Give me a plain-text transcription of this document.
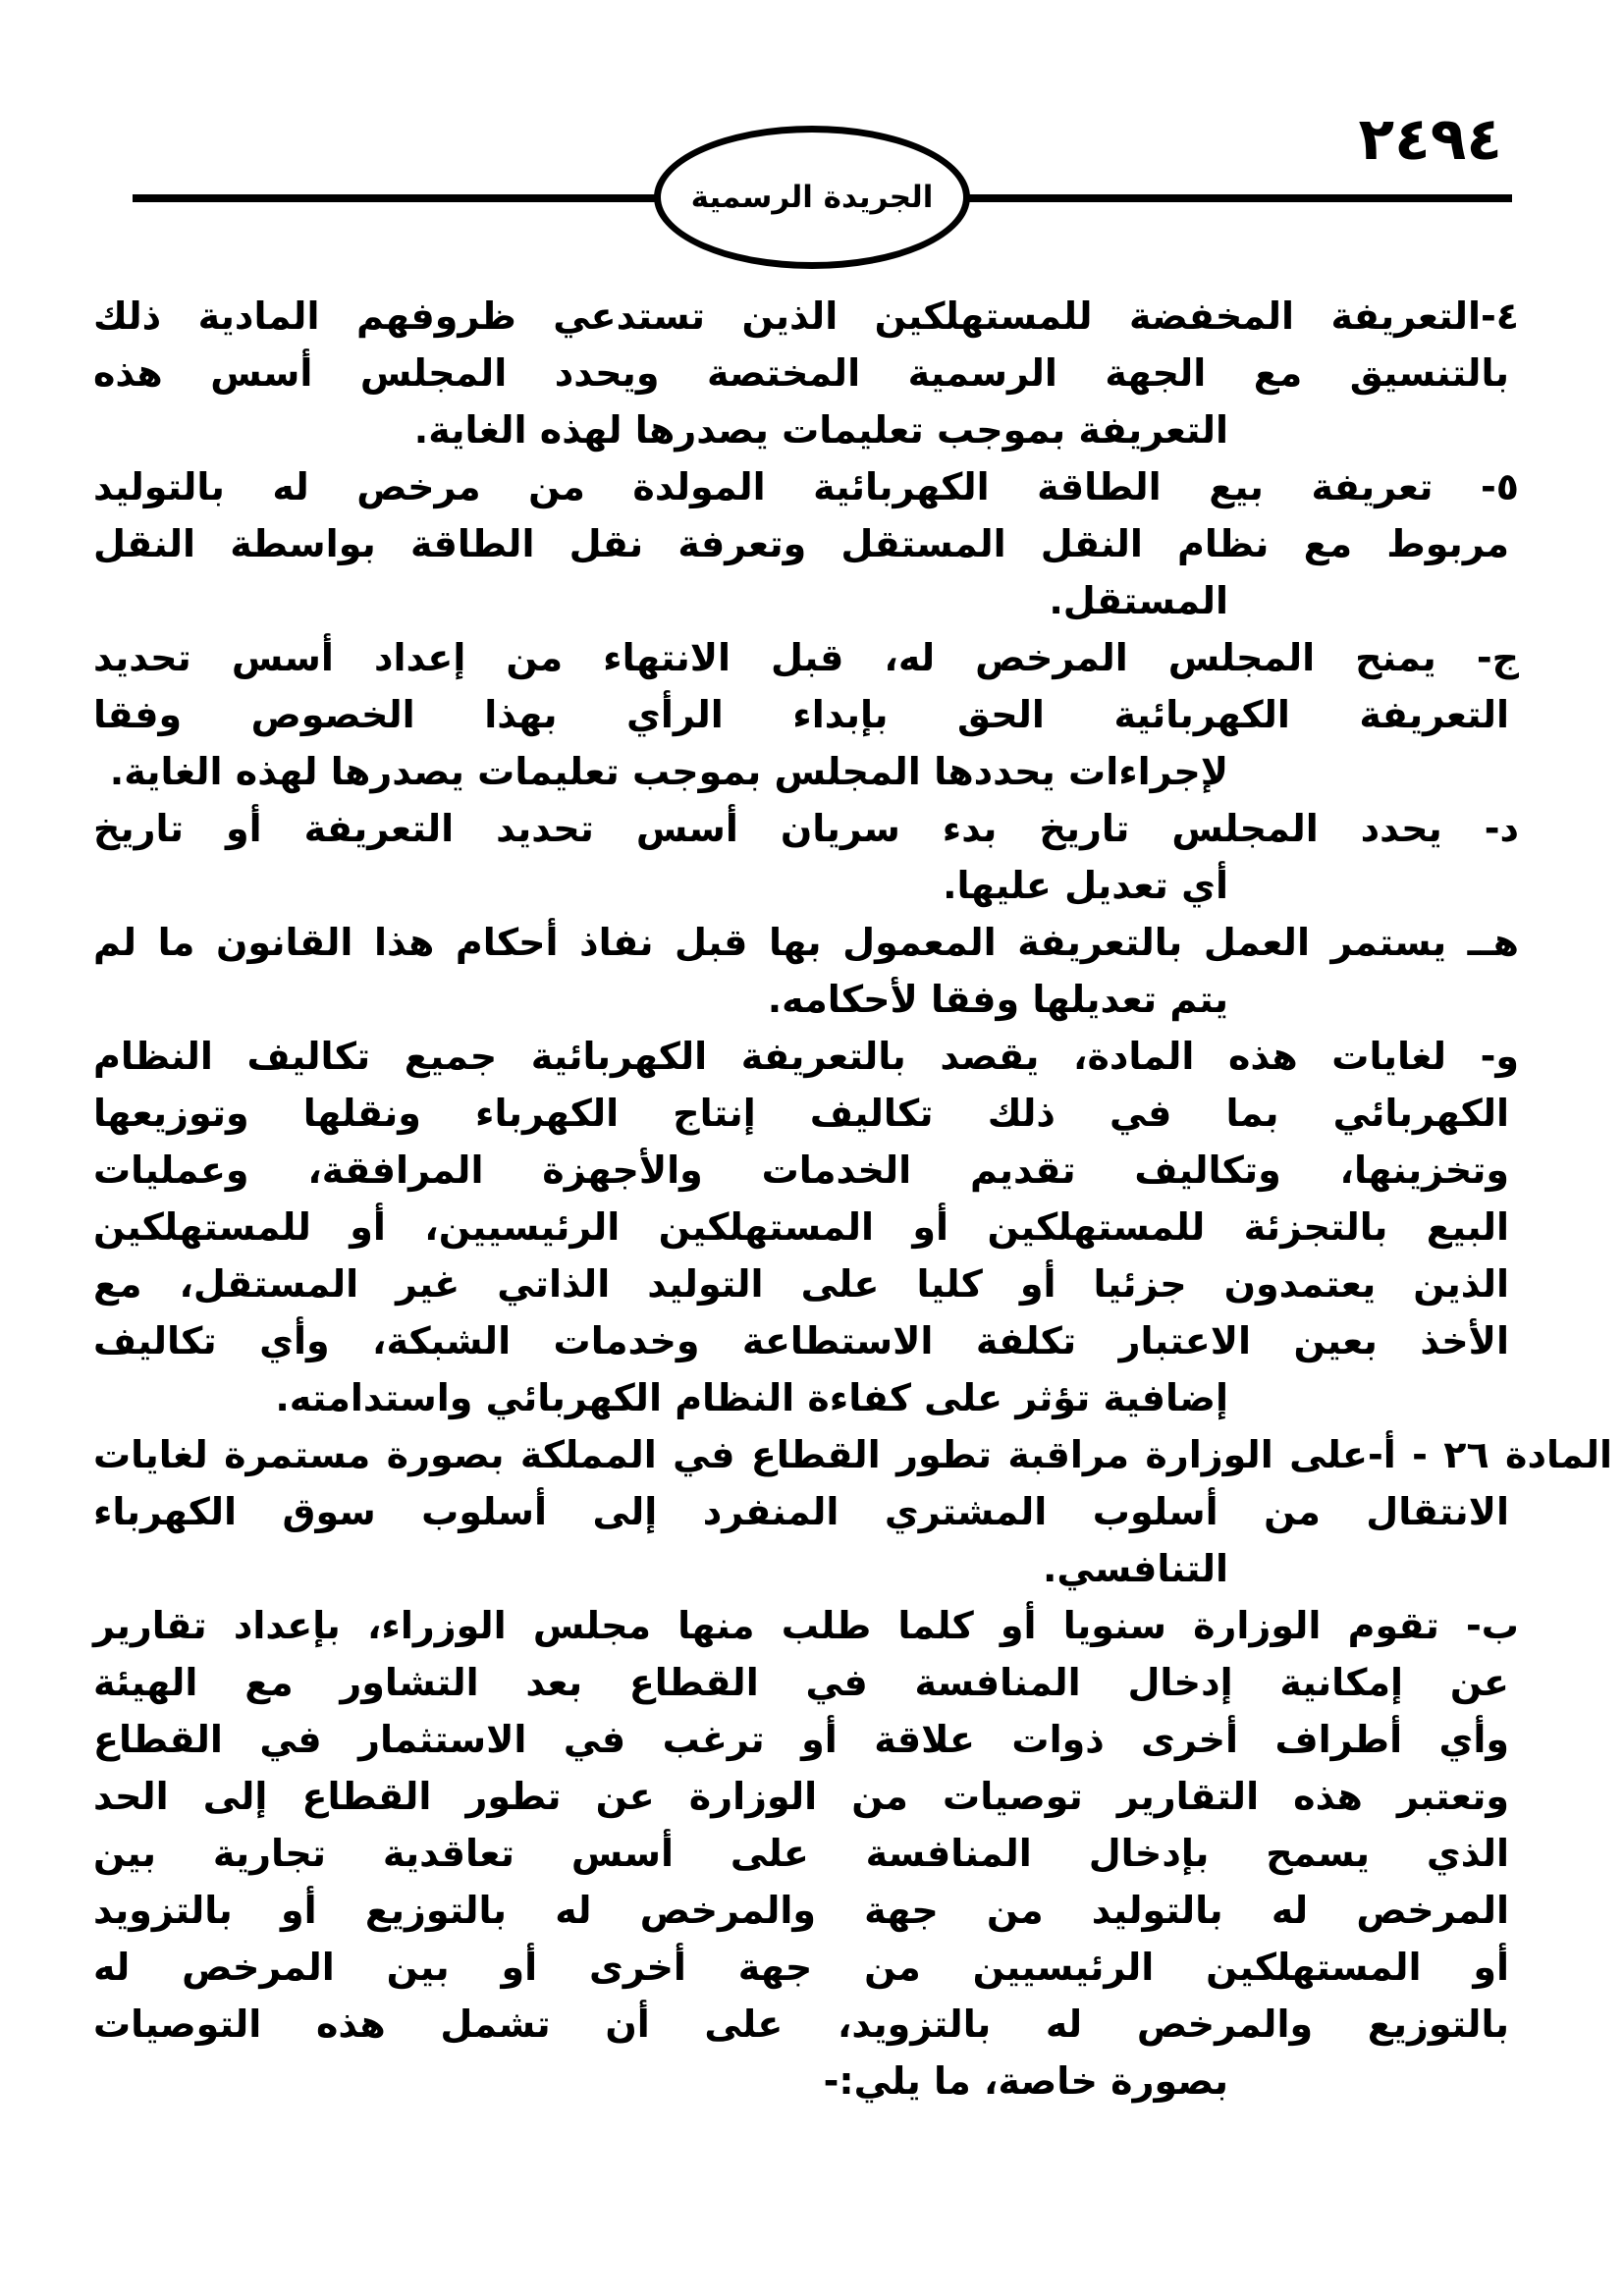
٢٤٩٤
الجريدة الرسمية
٤-التعريفة المخفضة للمستهلكين الذين تستدعي ظروفهم المادية ذلك
بالتنسيق مع الجهة الرسمية المختصة ويحدد المجلس أسس هذه
التعريفة بموجب تعليمات يصدرها لهذه الغاية.
٥- تعريفة بيع الطاقة الكهربائية المولدة من مرخص له بالتوليد
مربوط مع نظام النقل المستقل وتعرفة نقل الطاقة بواسطة النقل
المستقل.
ج- يمنح المجلس المرخص له، قبل الانتهاء من إعداد أسس تحديد
التعريفة الكهربائية الحق بإبداء الرأي بهذا الخصوص وفقا
لإجراءات يحددها المجلس بموجب تعليمات يصدرها لهذه الغاية.
د- يحدد المجلس تاريخ بدء سريان أسس تحديد التعريفة أو تاريخ
أي تعديل عليها.
هــ يستمر العمل بالتعريفة المعمول بها قبل نفاذ أحكام هذا القانون ما لم
يتم تعديلها وفقا لأحكامه.
و- لغايات هذه المادة، يقصد بالتعريفة الكهربائية جميع تكاليف النظام
الكهربائي بما في ذلك تكاليف إنتاج الكهرباء ونقلها وتوزيعها
وتخزينها، وتكاليف تقديم الخدمات والأجهزة المرافقة، وعمليات
البيع بالتجزئة للمستهلكين أو المستهلكين الرئيسيين، أو للمستهلكين
الذين يعتمدون جزئيا أو كليا على التوليد الذاتي غير المستقل، مع
الأخذ بعين الاعتبار تكلفة الاستطاعة وخدمات الشبكة، وأي تكاليف
إضافية تؤثر على كفاءة النظام الكهربائي واستدامته.
المادة ٢٦ - أ-على الوزارة مراقبة تطور القطاع في المملكة بصورة مستمرة لغايات
الانتقال من أسلوب المشتري المنفرد إلى أسلوب سوق الكهرباء
التنافسي.
ب- تقوم الوزارة سنويا أو كلما طلب منها مجلس الوزراء، بإعداد تقارير
عن إمكانية إدخال المنافسة في القطاع بعد التشاور مع الهيئة
وأي أطراف أخرى ذوات علاقة أو ترغب في الاستثمار في القطاع
وتعتبر هذه التقارير توصيات من الوزارة عن تطور القطاع إلى الحد
الذي يسمح بإدخال المنافسة على أسس تعاقدية تجارية بين
المرخص له بالتوليد من جهة والمرخص له بالتوزيع أو بالتزويد
أو المستهلكين الرئيسيين من جهة أخرى أو بين المرخص له
بالتوزيع والمرخص له بالتزويد، على أن تشمل هذه التوصيات
بصورة خاصة، ما يلي:-
